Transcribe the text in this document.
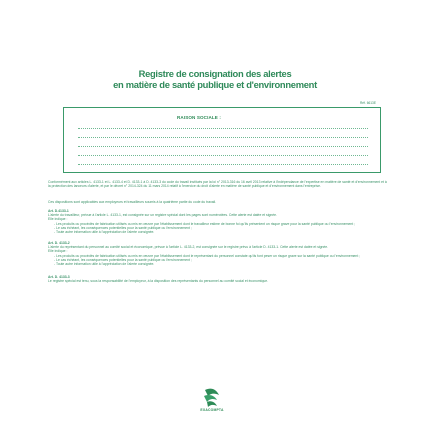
Registre de consignation des alertes
en matière de santé publique et d'environnement
Réf. 6613E
RAISON SOCIALE :
Conformément aux articles L. 4133-1 et L. 4133-4 et D. 4133-1 à D. 4133-3 du code du travail institués par la loi n° 2013-316 du 16 avril 2013 relative à l'indépendance de l'expertise en matière de santé et d'environnement et à la protection des lanceurs d'alerte, et par le décret n° 2014-324 du 11 mars 2014 relatif à l'exercice du droit d'alerte en matière de santé publique et d'environnement dans l'entreprise.
Ces dispositions sont applicables aux employeurs et travailleurs soumis à la quatrième partie du code du travail.
Art. D.4133-1
L'alerte du travailleur, prévue à l'article L. 4133-1, est consignée sur un registre spécial dont les pages sont numérotées. Cette alerte est datée et signée.
Elle indique :
- Les produits ou procédés de fabrication utilisés ou mis en œuvre par l'établissement dont le travailleur estime de bonne foi qu'ils présentent un risque grave pour la santé publique ou l'environnement ;
- Le cas échéant, les conséquences potentielles pour la santé publique ou l'environnement ;
- Toute autre information utile à l'appréciation de l'alerte consignée.
Art. D. 4133-2
L'alerte du représentant du personnel au comité social et économique, prévue à l'article L. 4133-2, est consignée sur le registre prévu à l'article D. 4133-1. Cette alerte est datée et signée.
Elle indique :
- Les produits ou procédés de fabrication utilisés ou mis en œuvre par l'établissement dont le représentant du personnel constate qu'ils font peser un risque grave sur la santé publique ou l'environnement ;
- Le cas échéant, les conséquences potentielles pour la santé publique ou l'environnement ;
- Toute autre information utile à l'appréciation de l'alerte consignée.
Art. D. 4133-3
Le registre spécial est tenu, sous la responsabilité de l'employeur, à la disposition des représentants du personnel au comité social et économique.
EXACOMPTA
